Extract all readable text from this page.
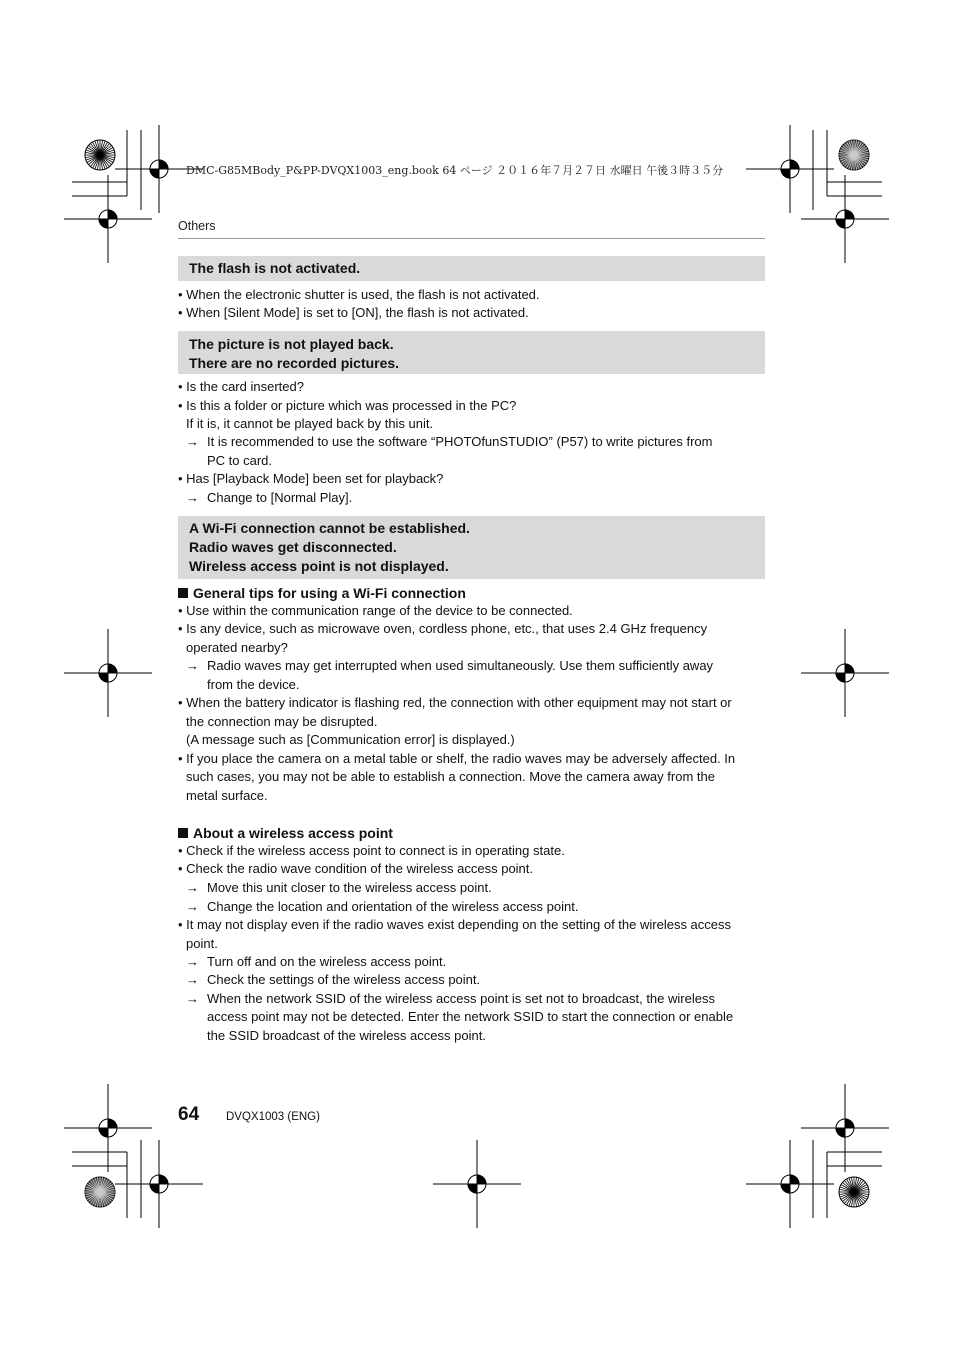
DMC-G85MBody_P&PP-DVQX1003_eng.book 64 ページ ２０１６年７月２７日 水曜日 午後３時３５分
Others
The flash is not activated.
• When the electronic shutter is used, the flash is not activated.
• When [Silent Mode] is set to [ON], the flash is not activated.
The picture is not played back.
There are no recorded pictures.
• Is the card inserted?
• Is this a folder or picture which was processed in the PC?
If it is, it cannot be played back by this unit.
→ It is recommended to use the software “PHOTOfunSTUDIO” (P57) to write pictures from
PC to card.
• Has [Playback Mode] been set for playback?
→ Change to [Normal Play].
A Wi-Fi connection cannot be established.
Radio waves get disconnected.
Wireless access point is not displayed.
General tips for using a Wi-Fi connection
• Use within the communication range of the device to be connected.
• Is any device, such as microwave oven, cordless phone, etc., that uses 2.4 GHz frequency
operated nearby?
→ Radio waves may get interrupted when used simultaneously. Use them sufficiently away
from the device.
• When the battery indicator is flashing red, the connection with other equipment may not start or
the connection may be disrupted.
(A message such as [Communication error] is displayed.)
• If you place the camera on a metal table or shelf, the radio waves may be adversely affected. In
such cases, you may not be able to establish a connection. Move the camera away from the
metal surface.
About a wireless access point
• Check if the wireless access point to connect is in operating state.
• Check the radio wave condition of the wireless access point.
→ Move this unit closer to the wireless access point.
→ Change the location and orientation of the wireless access point.
• It may not display even if the radio waves exist depending on the setting of the wireless access
point.
→ Turn off and on the wireless access point.
→ Check the settings of the wireless access point.
→ When the network SSID of the wireless access point is set not to broadcast, the wireless
access point may not be detected. Enter the network SSID to start the connection or enable
the SSID broadcast of the wireless access point.
64 DVQX1003 (ENG)
